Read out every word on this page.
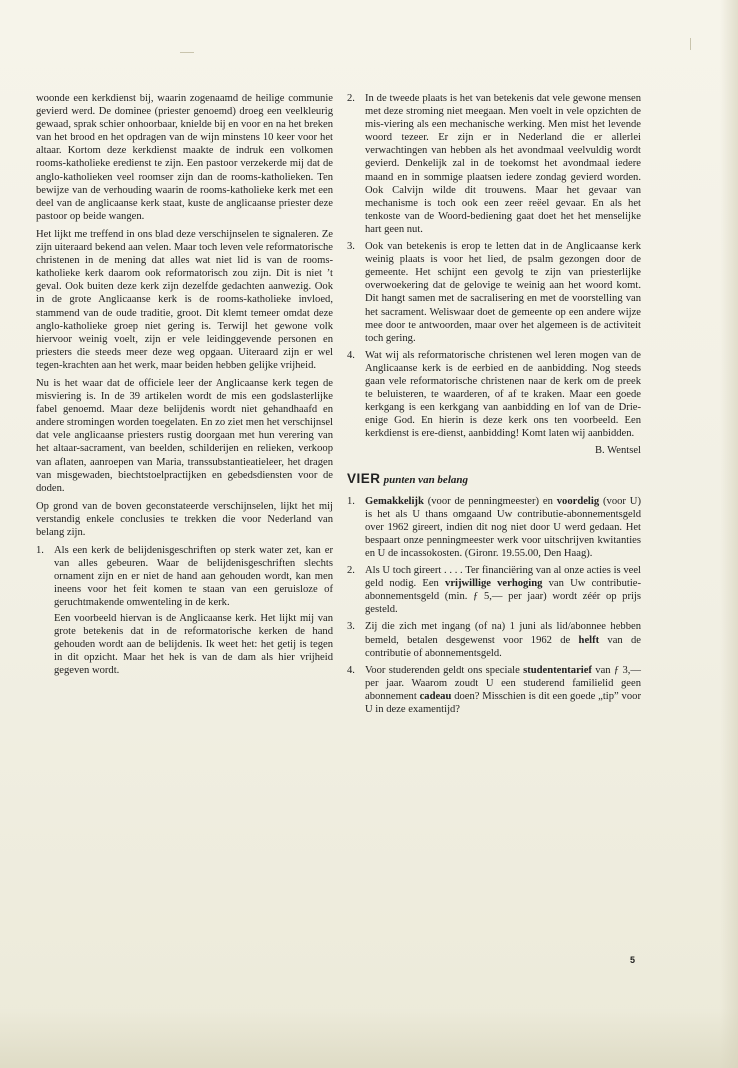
woonde een kerkdienst bij, waarin zogenaamd de heilige communie gevierd werd. De dominee (priester genoemd) droeg een veelkleurig gewaad, sprak schier onhoorbaar, knielde bij en voor en na het breken van het brood en het opdragen van de wijn minstens 10 keer voor het altaar. Kortom deze kerkdienst maakte de indruk een volkomen rooms-katholieke eredienst te zijn. Een pastoor verzekerde mij dat de anglo-katholieken veel roomser zijn dan de rooms-katholieken. Ten bewijze van de verhouding waarin de rooms-katholieke kerk met een deel van de anglicaanse kerk staat, kuste de anglicaanse priester deze pastoor op beide wangen.

Het lijkt me treffend in ons blad deze verschijnselen te signaleren. Ze zijn uiteraard bekend aan velen. Maar toch leven vele reformatorische christenen in de mening dat alles wat niet lid is van de rooms-katholieke kerk daarom ook reformatorisch zou zijn. Dit is niet ’t geval. Ook buiten deze kerk zijn dezelfde gedachten aanwezig. Ook in de grote Anglicaanse kerk is de rooms-katholieke invloed, stammend van de oude traditie, groot. Dit klemt temeer omdat deze anglo-katholieke groep niet gering is. Terwijl het gewone volk hiervoor weinig voelt, zijn er vele leidinggevende personen en priesters die steeds meer deze weg opgaan. Uiteraard zijn er wel tegen-krachten aan het werk, maar beiden hebben gelijke vrijheid.

Nu is het waar dat de officiele leer der Anglicaanse kerk tegen de misviering is. In de 39 artikelen wordt de mis een godslasterlijke fabel genoemd. Maar deze belijdenis wordt niet gehandhaafd en andere stromingen worden toegelaten. En zo ziet men het verschijnsel dat vele anglicaanse priesters rustig doorgaan met hun verering van het altaar-sacrament, van beelden, schilderijen en relieken, verkoop van aflaten, aanroepen van Maria, transsubstantieatieleer, het dragen van misgewaden, biechtstoelpractijken en gebedsdiensten voor de doden.

Op grond van de boven geconstateerde verschijnselen, lijkt het mij verstandig enkele conclusies te trekken die voor Nederland van belang zijn.

1. Als een kerk de belijdenisgeschriften op sterk water zet, kan er van alles gebeuren. Waar de belijdenisgeschriften slechts ornament zijn en er niet de hand aan gehouden wordt, kan men ineens voor het feit komen te staan van een geruisloze of geruchtmakende omwenteling in de kerk.

Een voorbeeld hiervan is de Anglicaanse kerk. Het lijkt mij van grote betekenis dat in de reformatorische kerken de hand gehouden wordt aan de belijdenis. Ik weet het: het getij is tegen in dit opzicht. Maar het hek is van de dam als hier vrijheid gegeven wordt.

2. In de tweede plaats is het van betekenis dat vele gewone mensen met deze stroming niet meegaan. Men voelt in vele opzichten de mis-viering als een mechanische werking. Men mist het levende woord tezeer. Er zijn er in Nederland die er allerlei verwachtingen van hebben als het avondmaal veelvuldig wordt gevierd. Denkelijk zal in de toekomst het avondmaal iedere maand en in sommige plaatsen iedere zondag gevierd worden. Ook Calvijn wilde dit trouwens. Maar het gevaar van mechanisme is toch ook een zeer reëel gevaar. En als het tenkoste van de Woord-bediening gaat doet het het menselijke hart geen nut.
3. Ook van betekenis is erop te letten dat in de Anglicaanse kerk weinig plaats is voor het lied, de psalm gezongen door de gemeente. Het schijnt een gevolg te zijn van priesterlijke overwoekering dat de gelovige te weinig aan het woord komt. Dit hangt samen met de sacralisering en met de voorstelling van het sacrament. Weliswaar doet de gemeente op een andere wijze mee door te antwoorden, maar over het algemeen is de activiteit toch gering.
4. Wat wij als reformatorische christenen wel leren mogen van de Anglicaanse kerk is de eerbied en de aanbidding. Nog steeds gaan vele reformatorische christenen naar de kerk om de preek te beluisteren, te waarderen, of af te kraken. Maar een goede kerkgang is een kerkgang van aanbidding en lof van de Drie-enige God. En hierin is deze kerk ons ten voorbeeld. Een kerkdienst is ere-dienst, aanbidding! Komt laten wij aanbidden.

B. Wentsel

VIER punten van belang
1. Gemakkelijk (voor de penningmeester) en voordelig (voor U) is het als U thans omgaand Uw contributie-abonnementsgeld over 1962 gireert, indien dit nog niet door U werd gedaan. Het bespaart onze penningmeester werk voor uitschrijven kwitanties en U de incassokosten. (Gironr. 19.55.00, Den Haag).
2. Als U toch gireert . . . . Ter financiëring van al onze acties is veel geld nodig. Een vrijwillige verhoging van Uw contributie-abonnementsgeld (min. ƒ 5,— per jaar) wordt zéér op prijs gesteld.
3. Zij die zich met ingang (of na) 1 juni als lid/abonnee hebben bemeld, betalen desgewenst voor 1962 de helft van de contributie of abonnementsgeld.
4. Voor studerenden geldt ons speciale studententarief van ƒ 3,— per jaar. Waarom zoudt U een studerend familielid geen abonnement cadeau doen? Misschien is dit een goede „tip” voor U in deze examentijd?
5
